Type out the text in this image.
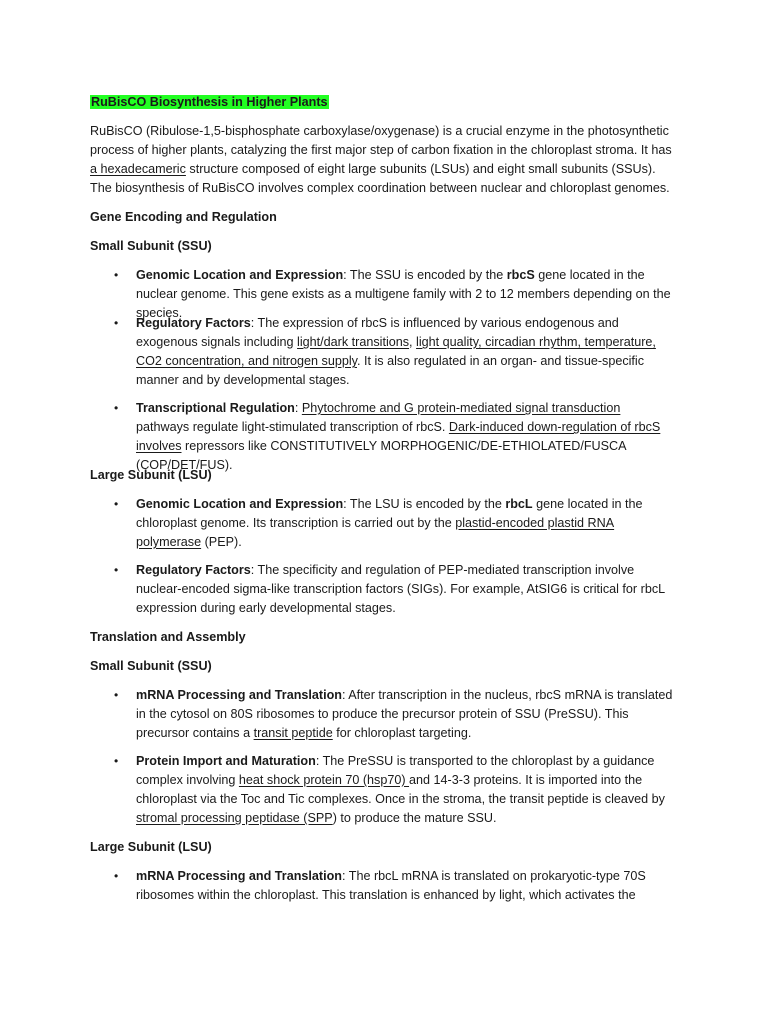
RuBisCO Biosynthesis in Higher Plants

RuBisCO (Ribulose-1,5-bisphosphate carboxylase/oxygenase) is a crucial enzyme in the photosynthetic process of higher plants, catalyzing the first major step of carbon fixation in the chloroplast stroma. It has a hexadecameric structure composed of eight large subunits (LSUs) and eight small subunits (SSUs). The biosynthesis of RuBisCO involves complex coordination between nuclear and chloroplast genomes.

Gene Encoding and Regulation

Small Subunit (SSU)

• Genomic Location and Expression: The SSU is encoded by the rbcS gene located in the nuclear genome. This gene exists as a multigene family with 2 to 12 members depending on the species.
• Regulatory Factors: The expression of rbcS is influenced by various endogenous and exogenous signals including light/dark transitions, light quality, circadian rhythm, temperature, CO2 concentration, and nitrogen supply. It is also regulated in an organ- and tissue-specific manner and by developmental stages.
• Transcriptional Regulation: Phytochrome and G protein-mediated signal transduction pathways regulate light-stimulated transcription of rbcS. Dark-induced down-regulation of rbcS involves repressors like CONSTITUTIVELY MORPHOGENIC/DE-ETHIOLATED/FUSCA (COP/DET/FUS).

Large Subunit (LSU)

• Genomic Location and Expression: The LSU is encoded by the rbcL gene located in the chloroplast genome. Its transcription is carried out by the plastid-encoded plastid RNA polymerase (PEP).
• Regulatory Factors: The specificity and regulation of PEP-mediated transcription involve nuclear-encoded sigma-like transcription factors (SIGs). For example, AtSIG6 is critical for rbcL expression during early developmental stages.

Translation and Assembly

Small Subunit (SSU)

• mRNA Processing and Translation: After transcription in the nucleus, rbcS mRNA is translated in the cytosol on 80S ribosomes to produce the precursor protein of SSU (PreSSU). This precursor contains a transit peptide for chloroplast targeting.
• Protein Import and Maturation: The PreSSU is transported to the chloroplast by a guidance complex involving heat shock protein 70 (hsp70) and 14-3-3 proteins. It is imported into the chloroplast via the Toc and Tic complexes. Once in the stroma, the transit peptide is cleaved by stromal processing peptidase (SPP) to produce the mature SSU.

Large Subunit (LSU)

• mRNA Processing and Translation: The rbcL mRNA is translated on prokaryotic-type 70S ribosomes within the chloroplast. This translation is enhanced by light, which activates the
